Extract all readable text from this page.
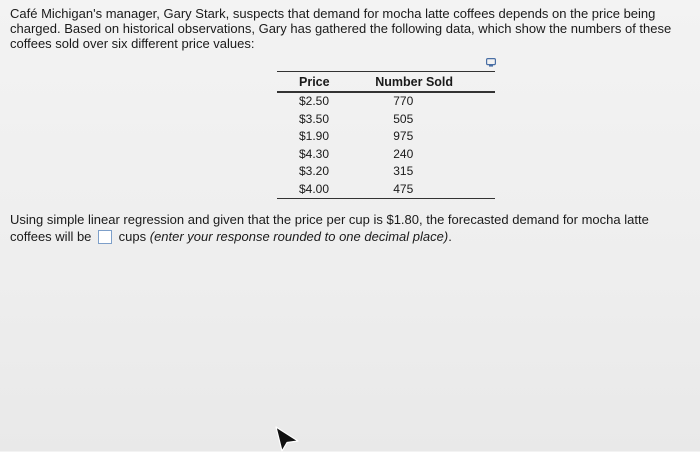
Café Michigan's manager, Gary Stark, suspects that demand for mocha latte coffees depends on the price being charged. Based on historical observations, Gary has gathered the following data, which show the numbers of these coffees sold over six different price values:

Price	Number Sold
$2.50	770
$3.50	505
$1.90	975
$4.30	240
$3.20	315
$4.00	475

Using simple linear regression and given that the price per cup is $1.80, the forecasted demand for mocha latte coffees will be  cups (enter your response rounded to one decimal place).
